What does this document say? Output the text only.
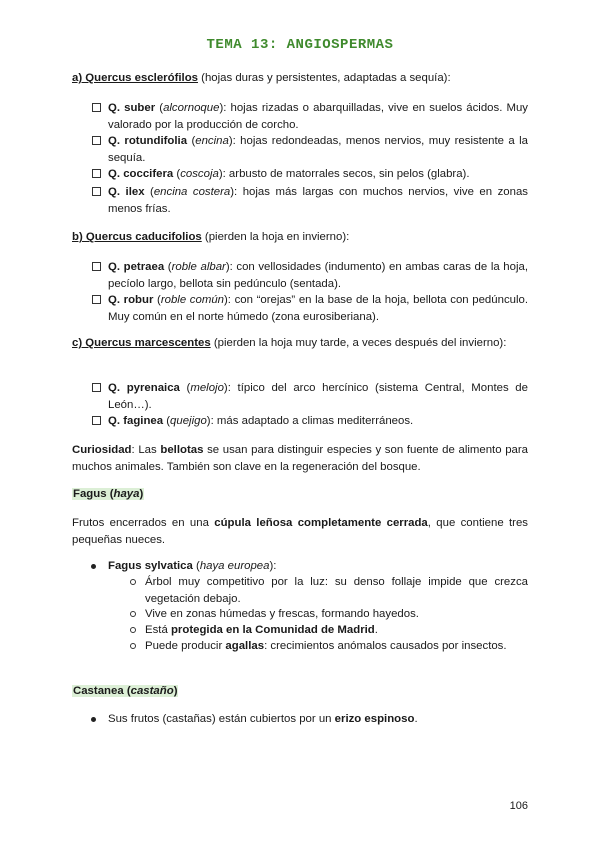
TEMA 13: ANGIOSPERMAS
a) Quercus esclerófilos (hojas duras y persistentes, adaptadas a sequía):
Q. suber (alcornoque): hojas rizadas o abarquilladas, vive en suelos ácidos. Muy valorado por la producción de corcho.
Q. rotundifolia (encina): hojas redondeadas, menos nervios, muy resistente a la sequía.
Q. coccifera (coscoja): arbusto de matorrales secos, sin pelos (glabra).
Q. ilex (encina costera): hojas más largas con muchos nervios, vive en zonas menos frías.
b) Quercus caducifolios (pierden la hoja en invierno):
Q. petraea (roble albar): con vellosidades (indumento) en ambas caras de la hoja, pecíolo largo, bellota sin pedúnculo (sentada).
Q. robur (roble común): con “orejas” en la base de la hoja, bellota con pedúnculo. Muy común en el norte húmedo (zona eurosiberiana).
c) Quercus marcescentes (pierden la hoja muy tarde, a veces después del invierno):
Q. pyrenaica (melojo): típico del arco hercínico (sistema Central, Montes de León…).
Q. faginea (quejigo): más adaptado a climas mediterráneos.
Curiosidad: Las bellotas se usan para distinguir especies y son fuente de alimento para muchos animales. También son clave en la regeneración del bosque.
Fagus (haya)
Frutos encerrados en una cúpula leñosa completamente cerrada, que contiene tres pequeñas nueces.
Fagus sylvatica (haya europea):
Árbol muy competitivo por la luz: su denso follaje impide que crezca vegetación debajo.
Vive en zonas húmedas y frescas, formando hayedos.
Está protegida en la Comunidad de Madrid.
Puede producir agallas: crecimientos anómalos causados por insectos.
Castanea (castaño)
Sus frutos (castañas) están cubiertos por un erizo espinoso.
106
